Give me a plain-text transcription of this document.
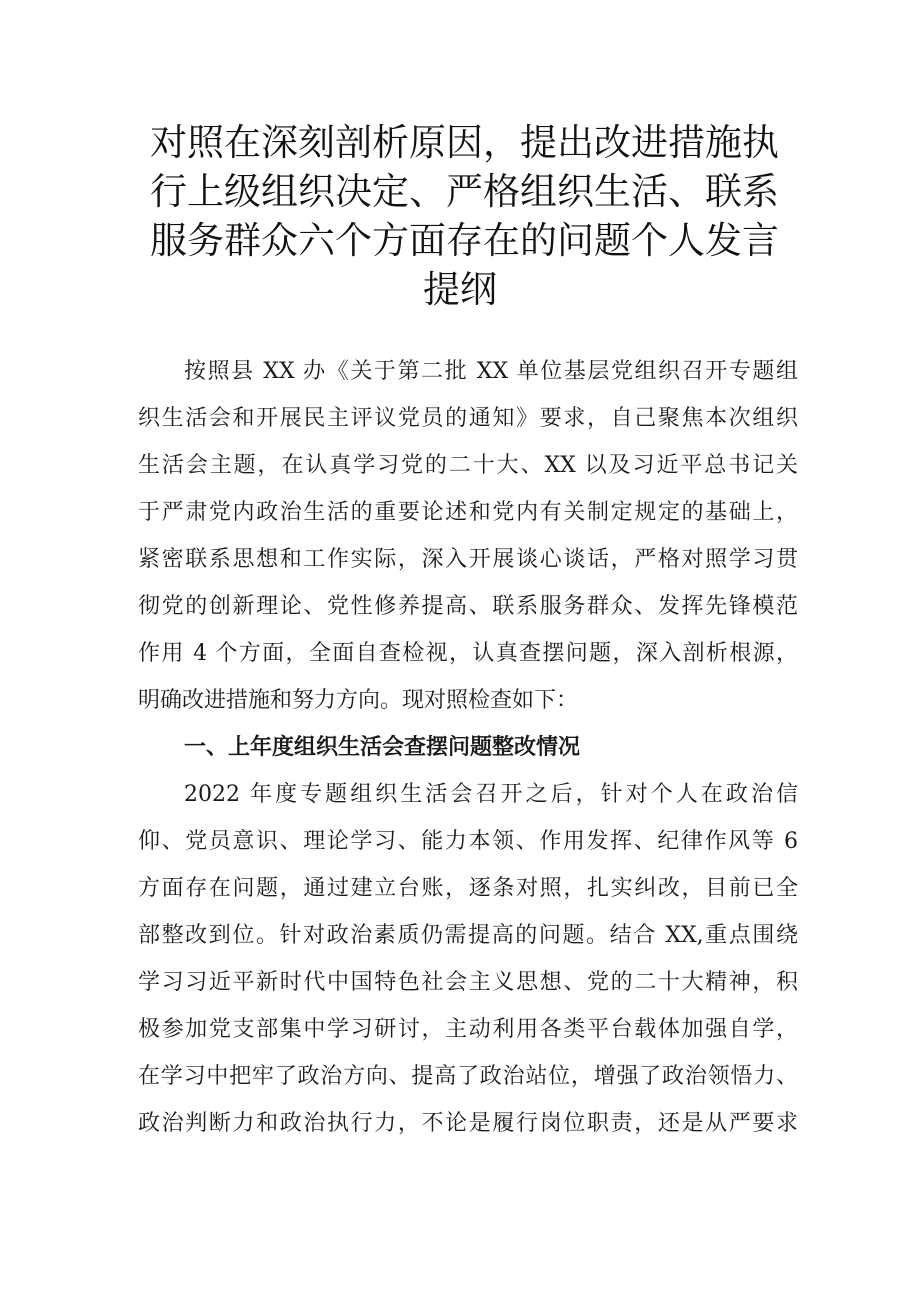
对照在深刻剖析原因，提出改进措施执
行上级组织决定、严格组织生活、联系
服务群众六个方面存在的问题个人发言
提纲
按照县 XX 办《关于第二批 XX 单位基层党组织召开专题组
织生活会和开展民主评议党员的通知》要求，自己聚焦本次组织
生活会主题，在认真学习党的二十大、XX 以及习近平总书记关
于严肃党内政治生活的重要论述和党内有关制定规定的基础上，
紧密联系思想和工作实际，深入开展谈心谈话，严格对照学习贯
彻党的创新理论、党性修养提高、联系服务群众、发挥先锋模范
作用 4 个方面，全面自查检视，认真查摆问题，深入剖析根源，
明确改进措施和努力方向。现对照检查如下：
一、上年度组织生活会查摆问题整改情况
2022 年度专题组织生活会召开之后，针对个人在政治信
仰、党员意识、理论学习、能力本领、作用发挥、纪律作风等 6
方面存在问题，通过建立台账，逐条对照，扎实纠改，目前已全
部整改到位。针对政治素质仍需提高的问题。结合 XX,重点围绕
学习习近平新时代中国特色社会主义思想、党的二十大精神，积
极参加党支部集中学习研讨，主动利用各类平台载体加强自学，
在学习中把牢了政治方向、提高了政治站位，增强了政治领悟力、
政治判断力和政治执行力，不论是履行岗位职责，还是从严要求
